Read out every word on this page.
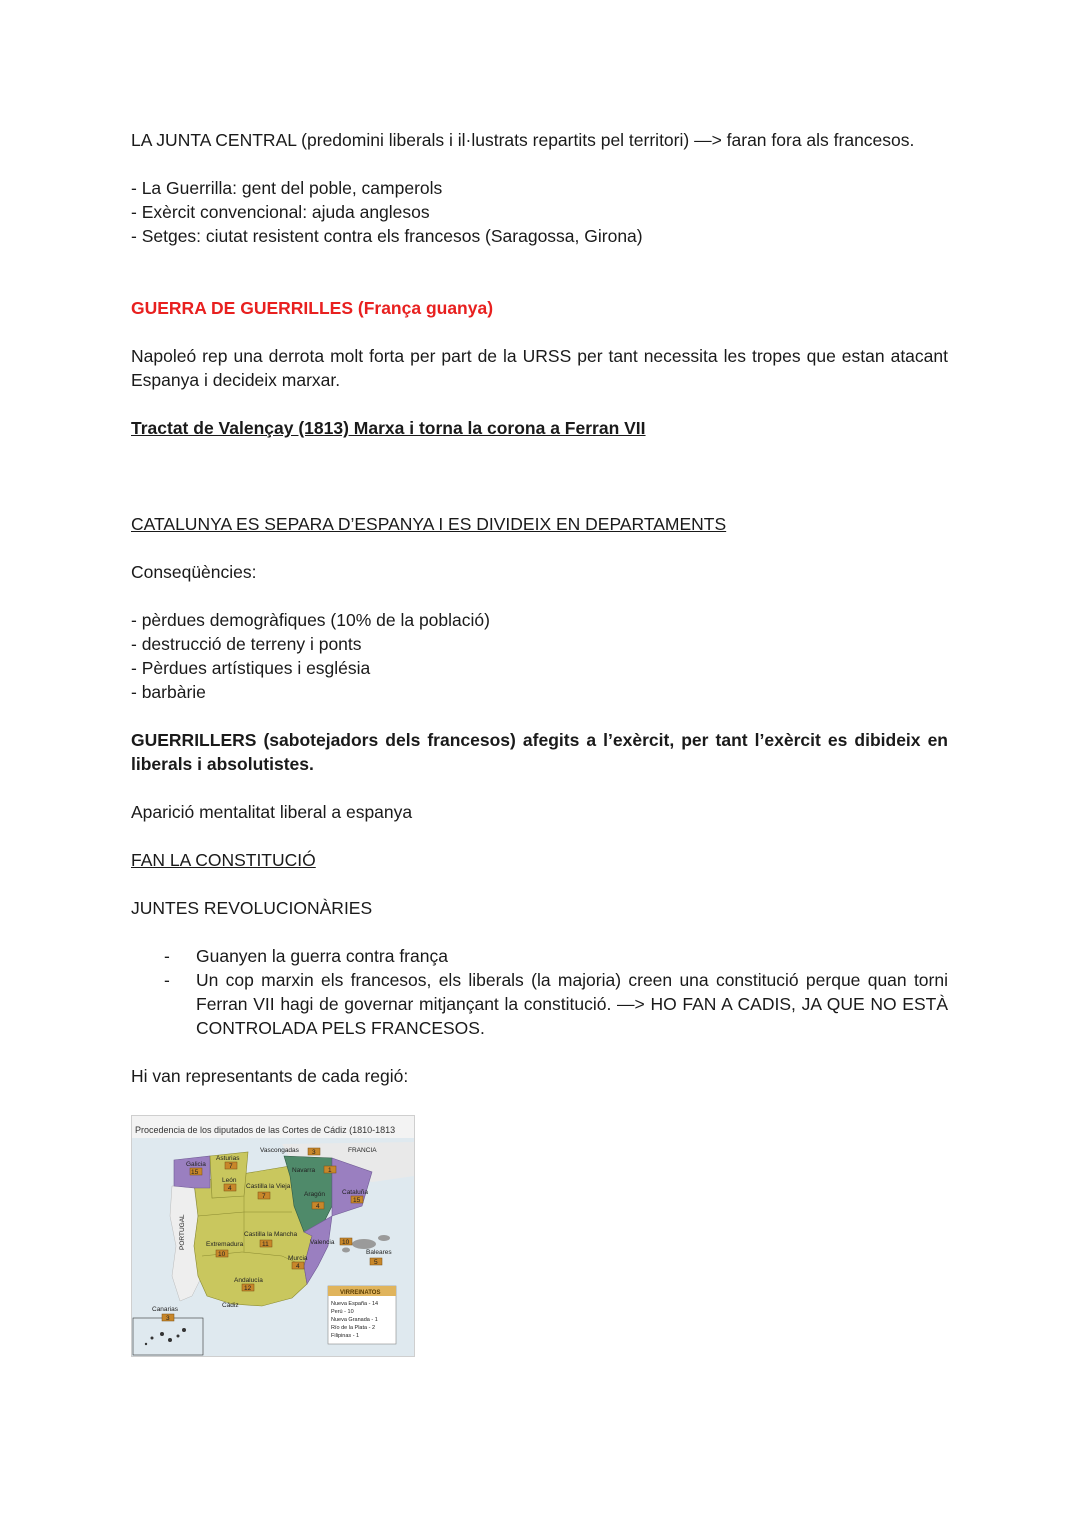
LA JUNTA CENTRAL (predomini liberals i il·lustrats repartits pel territori) —> faran fora als francesos.

- La Guerrilla: gent del poble, camperols

- Exèrcit convencional: ajuda anglesos

- Setges: ciutat resistent contra els francesos (Saragossa, Girona)

GUERRA DE GUERRILLES (França guanya)

Napoleó rep una derrota molt forta per part de la URSS per tant necessita les tropes que estan atacant Espanya i decideix marxar.

Tractat de Valençay (1813) Marxa i torna la corona a Ferran VII

CATALUNYA ES SEPARA D’ESPANYA I ES DIVIDEIX EN DEPARTAMENTS

Conseqüències:

- pèrdues demogràfiques (10% de la població)

- destrucció de terreny i ponts

- Pèrdues artístiques i església

- barbàrie

GUERRILLERS (sabotejadors dels francesos) afegits a l’exèrcit, per tant l’exèrcit es dibideix en liberals i absolutistes.

Aparició mentalitat liberal a espanya

FAN LA CONSTITUCIÓ

JUNTES REVOLUCIONÀRIES

- Guanyen la guerra contra frança
- Un cop marxin els francesos, els liberals (la majoria) creen una constitució perque quan torni Ferran VII hagi de governar mitjançant la constitució. —> HO FAN A CADIS, JA QUE NO ESTÀ CONTROLADA PELS FRANCESOS.

Hi van representants de cada regió:

15
7
3
1
4
7
4
15
11
10
10
4
5
12
3
FRANCIA
PORTUGAL
Galicia
Asturias
Vascongadas
Navarra
León
Castilla la Vieja
Aragón	Cataluña
Castilla la Mancha
Extremadura	Valencia
Murcia
Baleares
Andalucía
Cádiz
Canarias
VIRREINATOS
Nueva España - 14
Perú - 10
Nueva Granada - 1
Río de la Plata - 2
Filipinas - 1
Procedencia de los diputados de las Cortes de Cádiz (1810-1813
